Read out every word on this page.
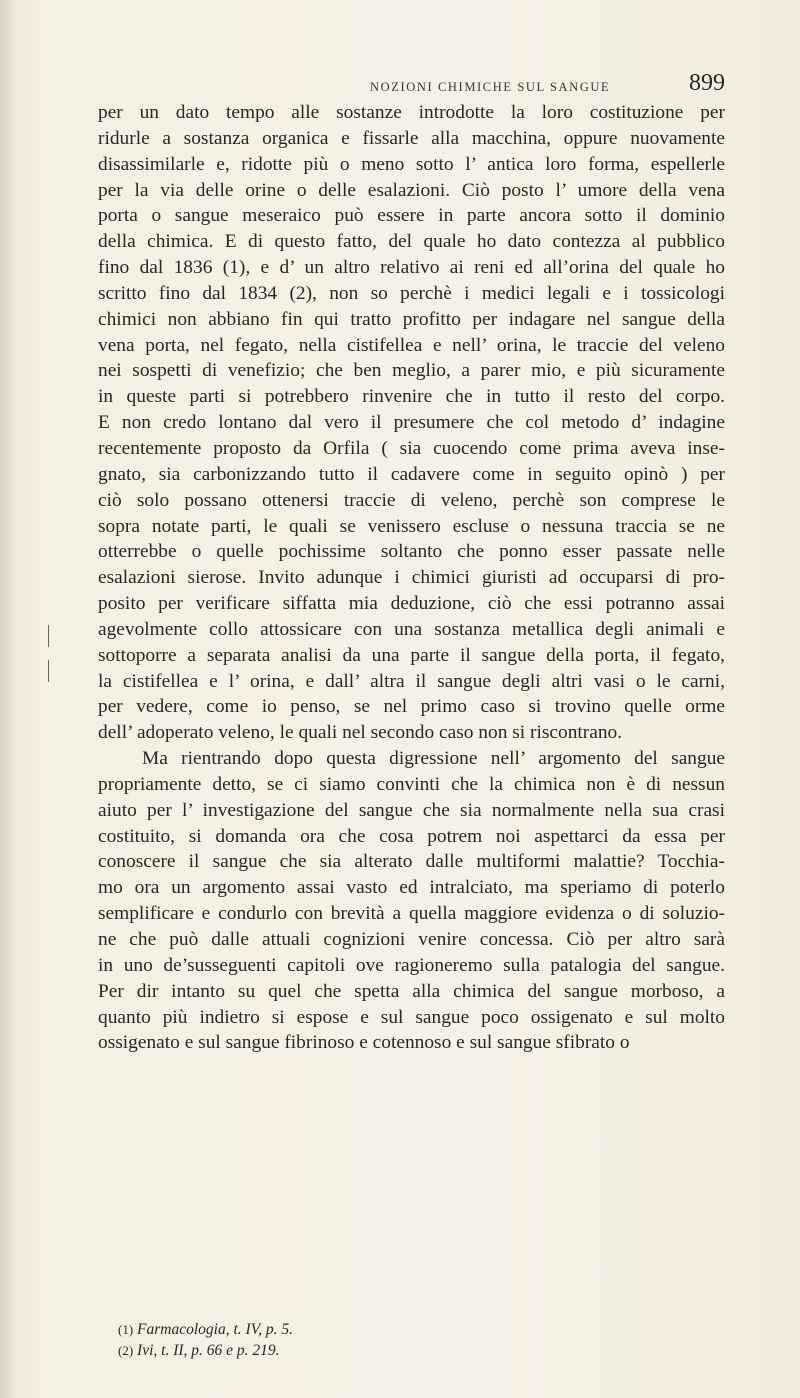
NOZIONI CHIMICHE SUL SANGUE	899
per un dato tempo alle sostanze introdotte la loro costituzione per
ridurle a sostanza organica e fissarle alla macchina, oppure nuovamente
disassimilarle e, ridotte più o meno sotto l’ antica loro forma, espellerle
per la via delle orine o delle esalazioni. Ciò posto l’ umore della vena
porta o sangue meseraico può essere in parte ancora sotto il dominio
della chimica. E di questo fatto, del quale ho dato contezza al pubblico
fino dal 1836 (1), e d’ un altro relativo ai reni ed all’orina del quale ho
scritto fino dal 1834 (2), non so perchè i medici legali e i tossicologi
chimici non abbiano fin qui tratto profitto per indagare nel sangue della
vena porta, nel fegato, nella cistifellea e nell’ orina, le traccie del veleno
nei sospetti di venefizio; che ben meglio, a parer mio, e più sicuramente
in queste parti si potrebbero rinvenire che in tutto il resto del corpo.
E non credo lontano dal vero il presumere che col metodo d’ indagine
recentemente proposto da Orfila ( sia cuocendo come prima aveva inse-
gnato, sia carbonizzando tutto il cadavere come in seguito opinò ) per
ciò solo possano ottenersi traccie di veleno, perchè son comprese le
sopra notate parti, le quali se venissero escluse o nessuna traccia se ne
otterrebbe o quelle pochissime soltanto che ponno esser passate nelle
esalazioni sierose. Invito adunque i chimici giuristi ad occuparsi di pro-
posito per verificare siffatta mia deduzione, ciò che essi potranno assai
agevolmente collo attossicare con una sostanza metallica degli animali e
sottoporre a separata analisi da una parte il sangue della porta, il fegato,
la cistifellea e l’ orina, e dall’ altra il sangue degli altri vasi o le carni,
per vedere, come io penso, se nel primo caso si trovino quelle orme
dell’ adoperato veleno, le quali nel secondo caso non si riscontrano.
Ma rientrando dopo questa digressione nell’ argomento del sangue
propriamente detto, se ci siamo convinti che la chimica non è di nessun
aiuto per l’ investigazione del sangue che sia normalmente nella sua crasi
costituito, si domanda ora che cosa potrem noi aspettarci da essa per
conoscere il sangue che sia alterato dalle multiformi malattie? Tocchia-
mo ora un argomento assai vasto ed intralciato, ma speriamo di poterlo
semplificare e condurlo con brevità a quella maggiore evidenza o di soluzio-
ne che può dalle attuali cognizioni venire concessa. Ciò per altro sarà
in uno de’susseguenti capitoli ove ragioneremo sulla patalogia del sangue.
Per dir intanto su quel che spetta alla chimica del sangue morboso, a
quanto più indietro si espose e sul sangue poco ossigenato e sul molto
ossigenato e sul sangue fibrinoso e cotennoso e sul sangue sfibrato o
(1) Farmacologia, t. IV, p. 5.
(2) Ivi, t. II, p. 66 e p. 219.
